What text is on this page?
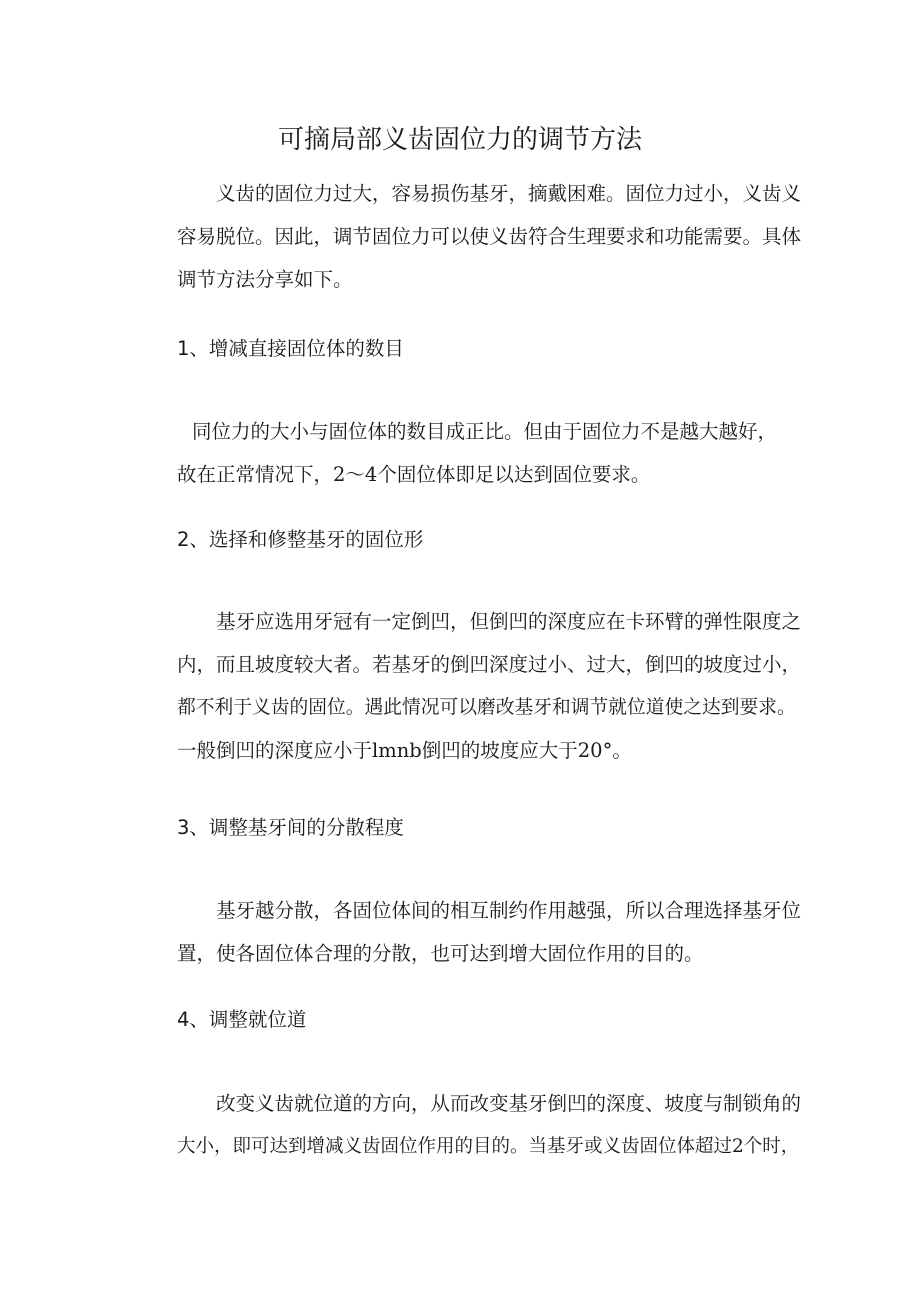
可摘局部义齿固位力的调节方法
义齿的固位力过大，容易损伤基牙，摘戴困难。固位力过小，义齿义
容易脱位。因此，调节固位力可以使义齿符合生理要求和功能需要。具体
调节方法分享如下。
1、增减直接固位体的数目
同位力的大小与固位体的数目成正比。但由于固位力不是越大越好，
故在正常情况下，2〜4个固位体即足以达到固位要求。
2、选择和修整基牙的固位形
基牙应选用牙冠有一定倒凹，但倒凹的深度应在卡环臂的弹性限度之
内，而且坡度较大者。若基牙的倒凹深度过小、过大，倒凹的坡度过小，
都不利于义齿的固位。遇此情况可以磨改基牙和调节就位道使之达到要求。
一般倒凹的深度应小于lmnb倒凹的坡度应大于20°。
3、调整基牙间的分散程度
基牙越分散，各固位体间的相互制约作用越强，所以合理选择基牙位
置，使各固位体合理的分散，也可达到增大固位作用的目的。
4、调整就位道
改变义齿就位道的方向，从而改变基牙倒凹的深度、坡度与制锁角的
大小，即可达到增减义齿固位作用的目的。当基牙或义齿固位体超过2个时，
